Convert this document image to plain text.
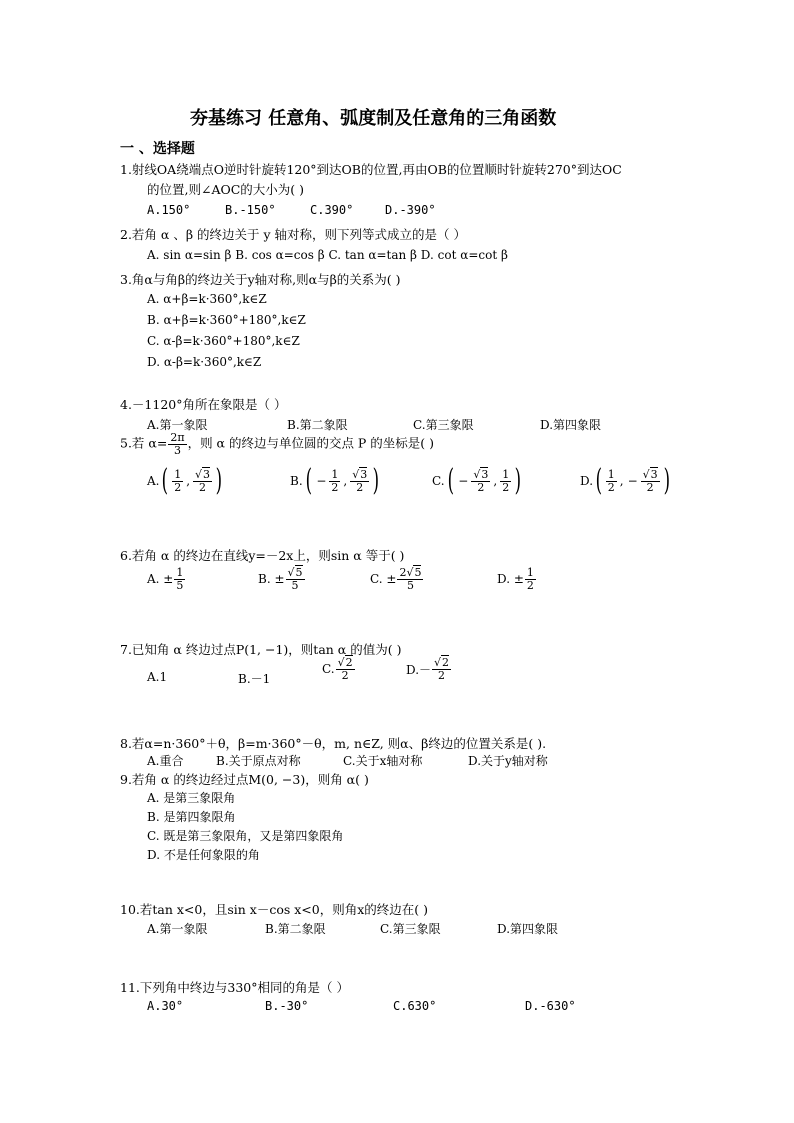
夯基练习 任意角、弧度制及任意角的三角函数
一 、选择题
1.射线OA绕端点O逆时针旋转120°到达OB的位置,再由OB的位置顺时针旋转270°到达OC
的位置,则∠AOC的大小为( )
A.150°	B.-150°	C.390°	D.-390°
2.若角 α 、β 的终边关于 y 轴对称，则下列等式成立的是（ ）
A. sin α=sin β B. cos α=cos β C. tan α=tan β D. cot α=cot β
3.角α与角β的终边关于y轴对称,则α与β的关系为( )
A. α+β=k·360°,k∈Z
B. α+β=k·360°+180°,k∈Z
C. α-β=k·360°+180°,k∈Z
D. α-β=k·360°,k∈Z
4.－1120°角所在象限是（ ）
A.第一象限	B.第二象限	C.第三象限	D.第四象限
5.若 $\alpha= \frac{2\pi}{3}$ ，则 α 的终边与单位圆的交点 P 的坐标是( )
A. ( $\frac{1}{2}$ , $\frac{√3}{2}$ )	B. ( − $\frac{1}{2}$ , $\frac{√3}{2}$ )	C. ( − $\frac{√3}{2}$ , $\frac{1}{2}$ )	D. ( $\frac{1}{2}$ , − $\frac{√3}{2}$ )
6.若角 α 的终边在直线y=－2x上，则sin α 等于( )
A. ± $\frac{1}{5}$	B. ± $\frac{√5}{5}$	C. ± $\frac{2√5}{5}$	D. ± $\frac{1}{2}$
7.已知角 α 终边过点P(1, −1)，则tan α 的值为( )
A.1	B.－1
C. $\frac{√2}{2}$	$D.- \frac{√2}{2}$
8.若α=n·360°＋θ，β=m·360°－θ，m, n∈Z, 则α、β终边的位置关系是( ).
A.重合	B.关于原点对称	C.关于x轴对称	D.关于y轴对称
9.若角 α 的终边经过点M(0, −3)，则角 α( )
A. 是第三象限角
B. 是第四象限角
C. 既是第三象限角，又是第四象限角
D. 不是任何象限的角
10.若tan x<0，且sin x－cos x<0，则角x的终边在( )
A.第一象限	B.第二象限	C.第三象限	D.第四象限
11.下列角中终边与330°相同的角是（ ）
A.30°	B.-30°	C.630°	D.-630°
